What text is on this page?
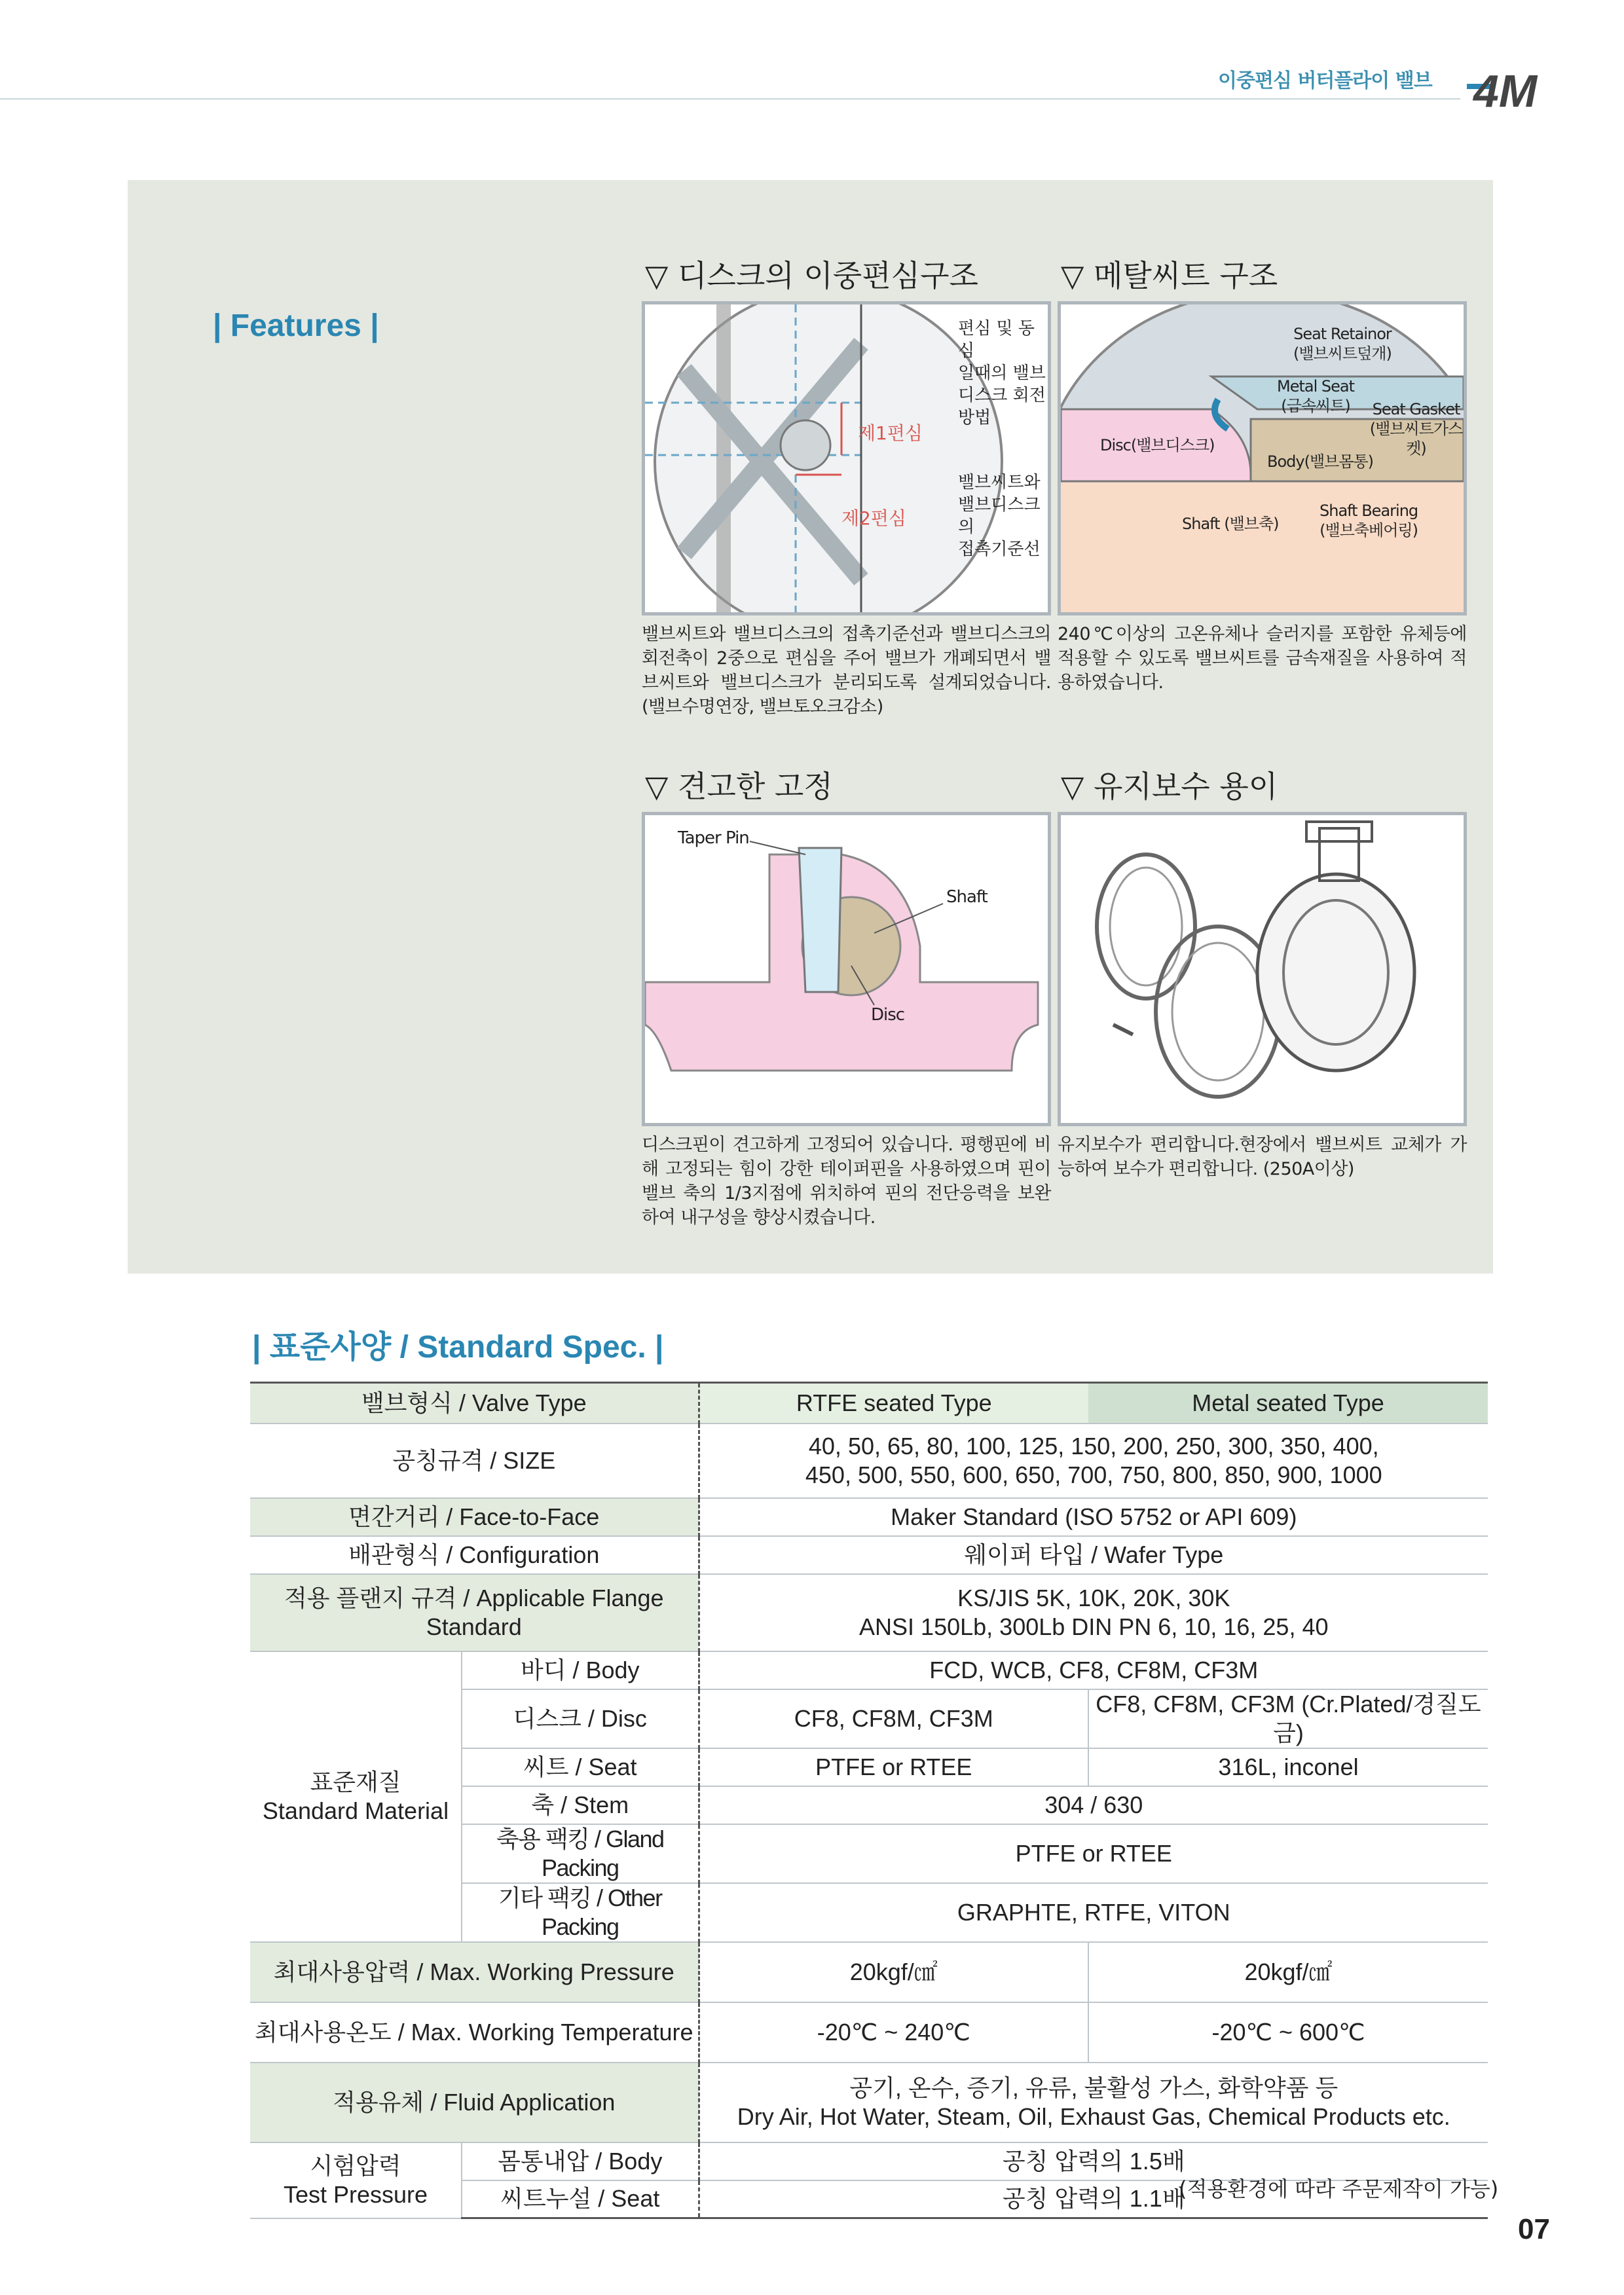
이중편심 버터플라이 밸브 4M
| Features |
▽ 디스크의 이중편심구조
편심 및 동심
일때의 밸브
디스크 회전
방법
제1편심
제2편심
밸브씨트와
밸브디스크의
접촉기준선
밸브씨트와 밸브디스크의 접촉기준선과 밸브디스크의 회전축이 2중으로 편심을 주어 밸브가 개폐되면서 밸브씨트와 밸브디스크가 분리되도록 설계되었습니다.(밸브수명연장, 밸브토오크감소)
▽ 메탈씨트 구조
Seat Retainor
(밸브씨트덮개)
Metal Seat
(금속씨트) Seat Gasket
(밸브씨트가스켓)
Disc(밸브디스크)
Body(밸브몸통)
Shaft (밸브축)
Shaft Bearing
(밸브축베어링)
240℃이상의 고온유체나 슬러지를 포함한 유체등에 적용할 수 있도록 밸브씨트를 금속재질을 사용하여 적용하였습니다.
▽ 견고한 고정
Taper Pin
Shaft
Disc
디스크핀이 견고하게 고정되어 있습니다. 평행핀에 비해 고정되는 힘이 강한 테이퍼핀을 사용하였으며 핀이 밸브 축의 1/3지점에 위치하여 핀의 전단응력을 보완하여 내구성을 향상시켰습니다.
▽ 유지보수 용이
유지보수가 편리합니다.현장에서 밸브씨트 교체가 가능하여 보수가 편리합니다. (250A이상)
| 표준사양 / Standard Spec. |
밸브형식 / Valve Type		RTFE seated Type	Metal seated Type
공칭규격 / SIZE		40, 50, 65, 80, 100, 125, 150, 200, 250, 300, 350, 400,
450, 500, 550, 600, 650, 700, 750, 800, 850, 900, 1000	

면간거리 / Face-to-Face		Maker Standard (ISO 5752 or API 609)	
배관형식 / Configuration		웨이퍼 타입 / Wafer Type	
적용 플랜지 규격 / Applicable Flange Standard		KS/JIS 5K, 10K, 20K, 30K
ANSI 150Lb, 300Lb DIN PN 6, 10, 16, 25, 40	

표준재질
Standard Material	바디 / Body	FCD, WCB, CF8, CF8M, CF3M	
	디스크 / Disc	CF8, CF8M, CF3M	CF8, CF8M, CF3M (Cr.Plated/경질도금)
	씨트 / Seat	PTFE or RTEE	316L, inconel
	축 / Stem	304 / 630	
	축용 팩킹 / Gland Packing	PTFE or RTEE	
	기타 팩킹 / Other Packing	GRAPHTE, RTFE, VITON	
최대사용압력 / Max. Working Pressure		20kgf/㎠	20kgf/㎠
최대사용온도 / Max. Working Temperature		-20℃ ~ 240℃	-20℃ ~ 600℃
적용유체 / Fluid Application		공기, 온수, 증기, 유류, 불활성 가스, 화학약품 등
Dry Air, Hot Water, Steam, Oil, Exhaust Gas, Chemical Products etc.	

시험압력
Test Pressure	몸통내압 / Body	공칭 압력의 1.5배	
	씨트누설 / Seat	공칭 압력의 1.1배	
(적용환경에 따라 주문제작이 가능)
07
